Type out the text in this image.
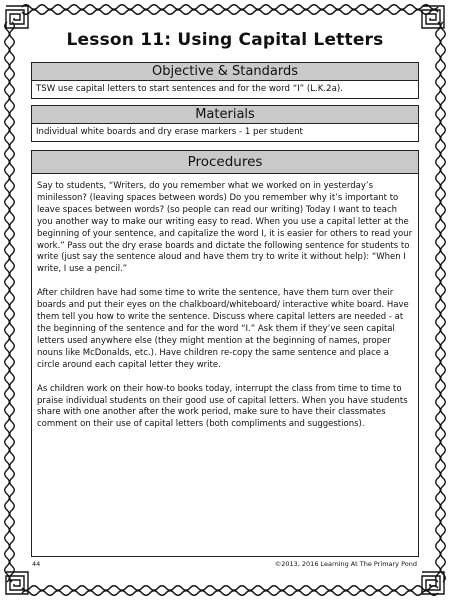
Lesson 11: Using Capital Letters
Objective & Standards
TSW use capital letters to start sentences and for the word “I” (L.K.2a).
Materials
Individual white boards and dry erase markers - 1 per student
Procedures

Say to students, “Writers, do you remember what we worked on in yesterday’s minilesson? (leaving spaces between words) Do you remember why it’s important to leave spaces between words? (so people can read our writing) Today I want to teach you another way to make our writing easy to read. When you use a capital letter at the beginning of your sentence, and capitalize the word I, it is easier for others to read your work.” Pass out the dry erase boards and dictate the following sentence for students to write (just say the sentence aloud and have them try to write it without help): “When I write, I use a pencil.”

After children have had some time to write the sentence, have them turn over their boards and put their eyes on the chalkboard/whiteboard/ interactive white board. Have them tell you how to write the sentence. Discuss where capital letters are needed - at the beginning of the sentence and for the word “I.” Ask them if they’ve seen capital letters used anywhere else (they might mention at the beginning of names, proper nouns like McDonalds, etc.). Have children re-copy the same sentence and place a circle around each capital letter they write.

As children work on their how-to books today, interrupt the class from time to time to praise individual students on their good use of capital letters. When you have students share with one another after the work period, make sure to have their classmates comment on their use of capital letters (both compliments and suggestions).

44	©2013, 2016 Learning At The Primary Pond
